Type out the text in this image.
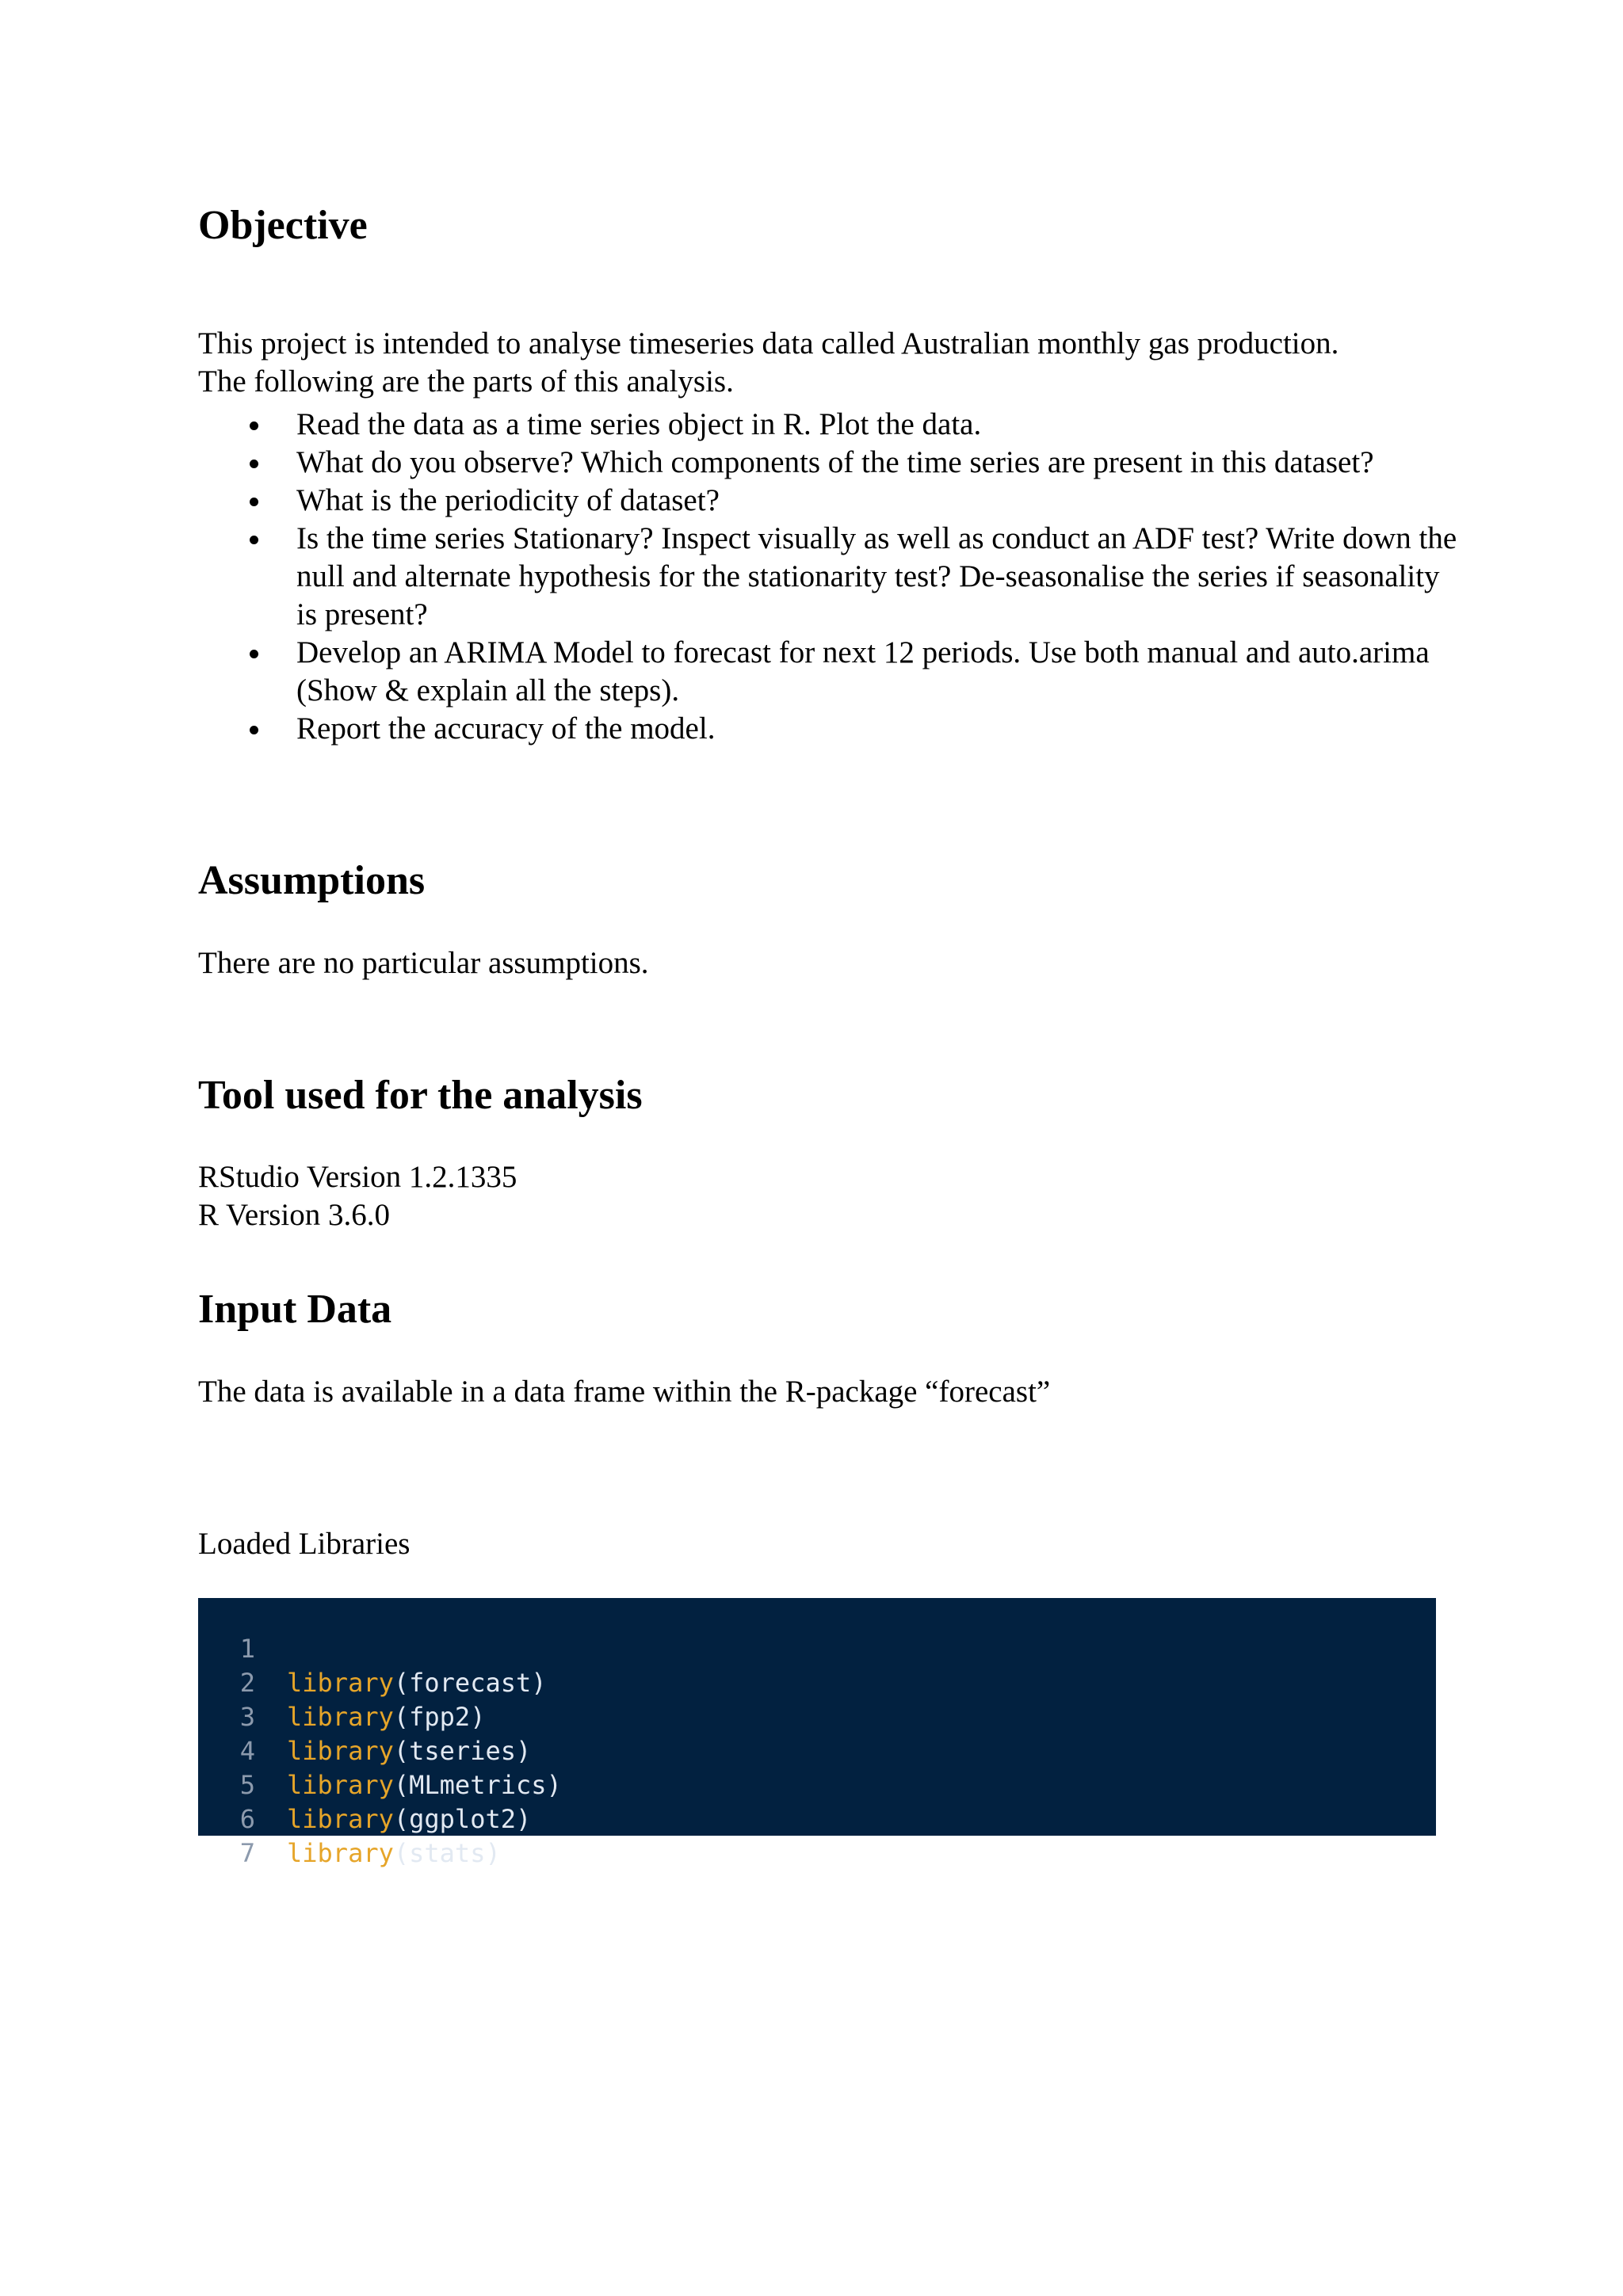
Objective

This project is intended to analyse timeseries data called Australian monthly gas production.

The following are the parts of this analysis.

Read the data as a time series object in R. Plot the data.
What do you observe? Which components of the time series are present in this dataset?
What is the periodicity of dataset?
Is the time series Stationary? Inspect visually as well as conduct an ADF test? Write down the null and alternate hypothesis for the stationarity test? De-seasonalise the series if seasonality is present?
Develop an ARIMA Model to forecast for next 12 periods. Use both manual and auto.arima (Show & explain all the steps).
Report the accuracy of the model.
Assumptions

There are no particular assumptions.

Tool used for the analysis

RStudio Version 1.2.1335

R Version 3.6.0

Input Data

The data is available in a data frame within the R-package “forecast”

Loaded Libraries

1

library(forecast)

2

library(fpp2)

3

library(tseries)

4

library(MLmetrics)

5

library(ggplot2)

6

library(stats)

7
